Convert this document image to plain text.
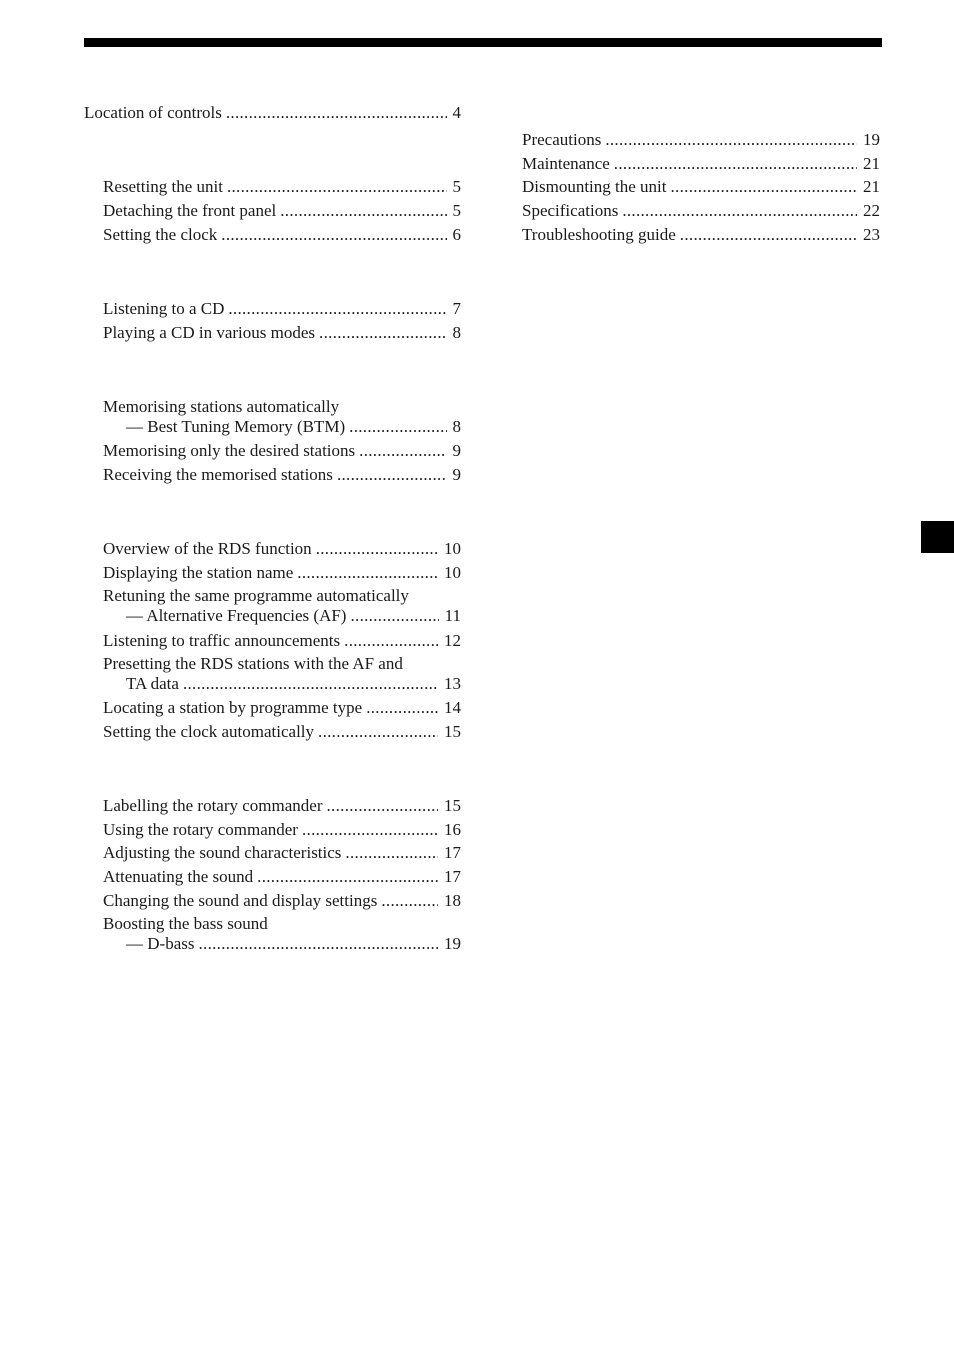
Location of controls .....	4
Resetting the unit .....	5
Detaching the front panel .....	5
Setting the clock .....	6
Listening to a CD .....	7
Playing a CD in various modes .....	8
Memorising stations automatically
— Best Tuning Memory (BTM) .....	8
Memorising only the desired stations .....	9
Receiving the memorised stations .....	9
Overview of the RDS function .....	10
Displaying the station name .....	10
Retuning the same programme automatically
— Alternative Frequencies (AF) .....	11
Listening to traffic announcements .....	12
Presetting the RDS stations with the AF and
TA data .....	13
Locating a station by programme type .....	14
Setting the clock automatically .....	15
Labelling the rotary commander .....	15
Using the rotary commander .....	16
Adjusting the sound characteristics .....	17
Attenuating the sound .....	17
Changing the sound and display settings .....	18
Boosting the bass sound
— D-bass .....	19
Precautions .....	19
Maintenance .....	21
Dismounting the unit .....	21
Specifications .....	22
Troubleshooting guide .....	23
